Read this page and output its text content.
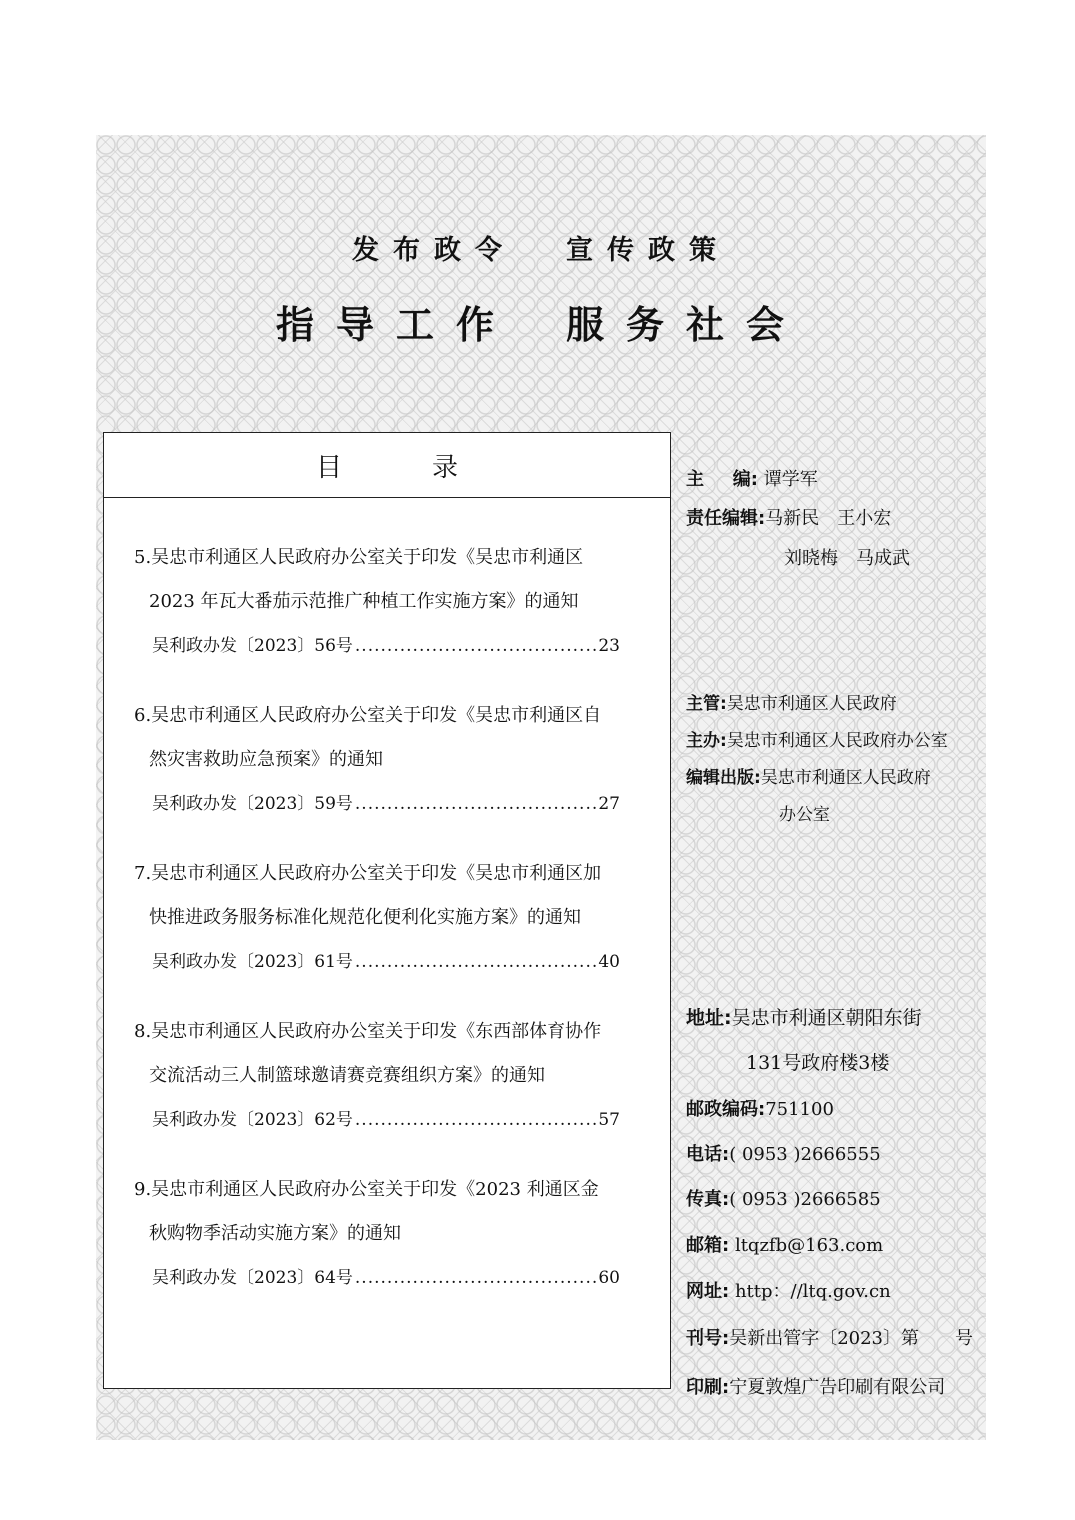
发布政令 宣传政策
指导工作 服务社会
目	录
5.吴忠市利通区人民政府办公室关于印发《吴忠市利通区
2023 年瓦大番茄示范推广种植工作实施方案》的通知
吴利政办发〔2023〕56号 .....	23
6.吴忠市利通区人民政府办公室关于印发《吴忠市利通区自
然灾害救助应急预案》的通知
吴利政办发〔2023〕59号 .....	27
7.吴忠市利通区人民政府办公室关于印发《吴忠市利通区加
快推进政务服务标准化规范化便利化实施方案》的通知
吴利政办发〔2023〕61号 .....	40
8.吴忠市利通区人民政府办公室关于印发《东西部体育协作
交流活动三人制篮球邀请赛竞赛组织方案》的通知
吴利政办发〔2023〕62号 .....	57
9.吴忠市利通区人民政府办公室关于印发《2023 利通区金
秋购物季活动实施方案》的通知
吴利政办发〔2023〕64号 .....	60
主 编: 谭学军
责任编辑:马新民　王小宏
刘晓梅　马成武
主管:吴忠市利通区人民政府
主办:吴忠市利通区人民政府办公室
编辑出版:吴忠市利通区人民政府
办公室
地址:吴忠市利通区朝阳东街
131号政府楼3楼
邮政编码:751100
电话:( 0953 )2666555
传真:( 0953 )2666585
邮箱: ltqzfb@163.com
网址: http：//ltq.gov.cn
刊号:吴新出管字〔2023〕第　　号
印刷:宁夏敦煌广告印刷有限公司
